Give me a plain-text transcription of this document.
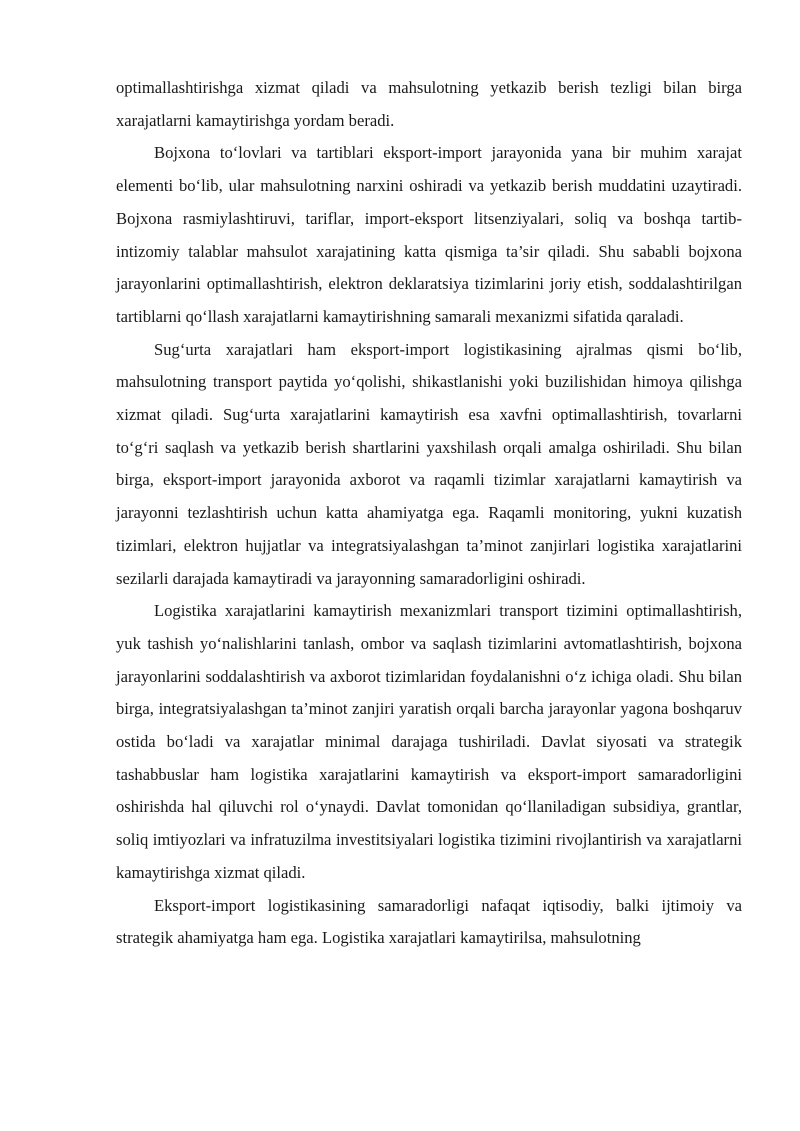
optimallashtirishga xizmat qiladi va mahsulotning yetkazib berish tezligi bilan birga xarajatlarni kamaytirishga yordam beradi.

Bojxona to‘lovlari va tartiblari eksport-import jarayonida yana bir muhim xarajat elementi bo‘lib, ular mahsulotning narxini oshiradi va yetkazib berish muddatini uzaytiradi. Bojxona rasmiylashtiruvi, tariflar, import-eksport litsenziyalari, soliq va boshqa tartib-intizomiy talablar mahsulot xarajatining katta qismiga ta’sir qiladi. Shu sababli bojxona jarayonlarini optimallashtirish, elektron deklaratsiya tizimlarini joriy etish, soddalashtirilgan tartiblarni qo‘llash xarajatlarni kamaytirishning samarali mexanizmi sifatida qaraladi.

Sug‘urta xarajatlari ham eksport-import logistikasining ajralmas qismi bo‘lib, mahsulotning transport paytida yo‘qolishi, shikastlanishi yoki buzilishidan himoya qilishga xizmat qiladi. Sug‘urta xarajatlarini kamaytirish esa xavfni optimallashtirish, tovarlarni to‘g‘ri saqlash va yetkazib berish shartlarini yaxshilash orqali amalga oshiriladi. Shu bilan birga, eksport-import jarayonida axborot va raqamli tizimlar xarajatlarni kamaytirish va jarayonni tezlashtirish uchun katta ahamiyatga ega. Raqamli monitoring, yukni kuzatish tizimlari, elektron hujjatlar va integratsiyalashgan ta’minot zanjirlari logistika xarajatlarini sezilarli darajada kamaytiradi va jarayonning samaradorligini oshiradi.

Logistika xarajatlarini kamaytirish mexanizmlari transport tizimini optimallashtirish, yuk tashish yo‘nalishlarini tanlash, ombor va saqlash tizimlarini avtomatlashtirish, bojxona jarayonlarini soddalashtirish va axborot tizimlaridan foydalanishni o‘z ichiga oladi. Shu bilan birga, integratsiyalashgan ta’minot zanjiri yaratish orqali barcha jarayonlar yagona boshqaruv ostida bo‘ladi va xarajatlar minimal darajaga tushiriladi. Davlat siyosati va strategik tashabbuslar ham logistika xarajatlarini kamaytirish va eksport-import samaradorligini oshirishda hal qiluvchi rol o‘ynaydi. Davlat tomonidan qo‘llaniladigan subsidiya, grantlar, soliq imtiyozlari va infratuzilma investitsiyalari logistika tizimini rivojlantirish va xarajatlarni kamaytirishga xizmat qiladi.

Eksport-import logistikasining samaradorligi nafaqat iqtisodiy, balki ijtimoiy va strategik ahamiyatga ham ega. Logistika xarajatlari kamaytirilsa, mahsulotning
